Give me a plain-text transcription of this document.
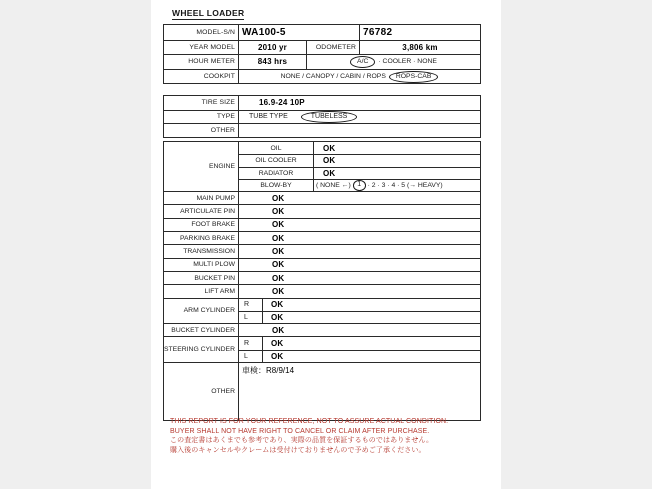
WHEEL LOADER
MODEL-S/N WA100-5	76782
YEAR MODEL	2010 yr	ODOMETER	3,806 km
HOUR METER	843 hrs	A/C	· COOLER · NONE
COOKPIT	NONE / CANOPY / CABIN / ROPS	ROPS-CAB
TIRE SIZE	16.9-24 10P
TYPE	TUBE TYPE	TUBELESS
OTHER
ENGINE
OIL	OK
OIL COOLER	OK
RADIATOR	OK
BLOW-BY	( NONE ←) 1 · 2 · 3 · 4 · 5 (→ HEAVY)
MAIN PUMP	OK
ARTICULATE PIN	OK
FOOT BRAKE	OK
PARKING BRAKE	OK
TRANSMISSION	OK
MULTI PLOW	OK
BUCKET PIN	OK
LIFT ARM	OK
ARM CYLINDER
R	OK
L	OK
BUCKET CYLINDER	OK
STEERING CYLINDER
R	OK
L	OK
OTHER
車検：R8/9/14
THIS REPORT IS FOR YOUR REFERENCE, NOT TO ASSURE ACTUAL CONDITION.
BUYER SHALL NOT HAVE RIGHT TO CANCEL OR CLAIM AFTER PURCHASE.
この査定書はあくまでも参考であり、実際の品質を保証するものではありません。
購入後のキャンセルやクレームは受付けておりませんので予めご了承ください。
